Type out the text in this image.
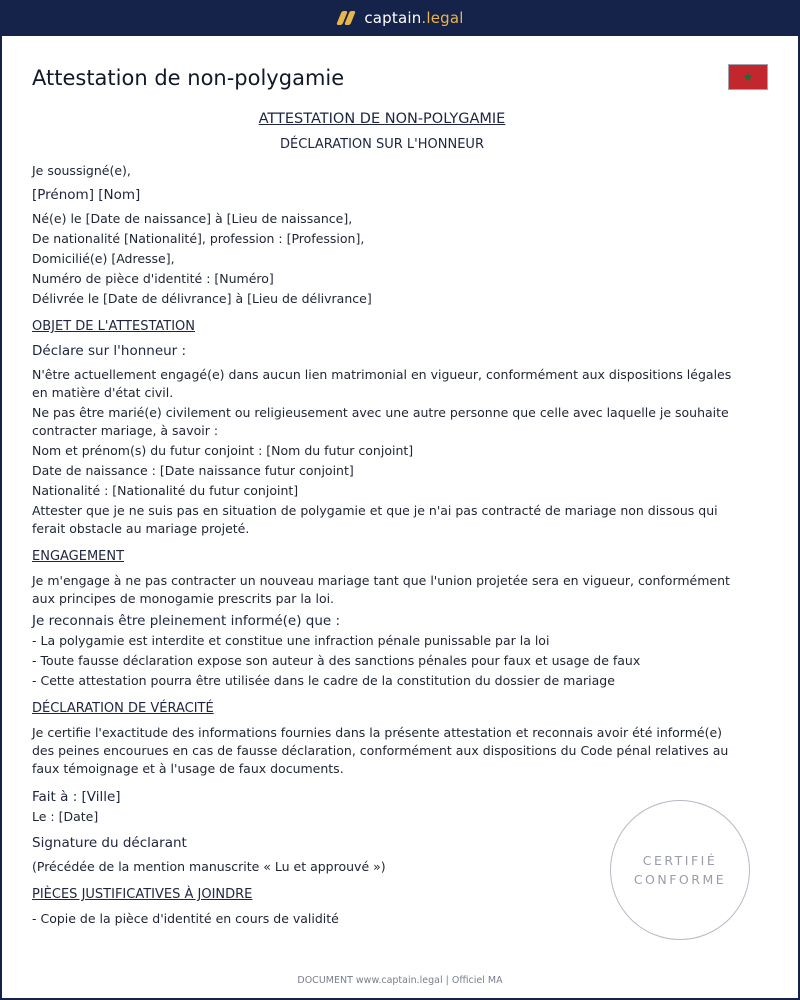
captain.legal
Attestation de non-polygamie	★
ATTESTATION DE NON-POLYGAMIE
DÉCLARATION SUR L'HONNEUR
Je soussigné(e),
[Prénom] [Nom]
Né(e) le [Date de naissance] à [Lieu de naissance],
De nationalité [Nationalité], profession : [Profession],
Domicilié(e) [Adresse],
Numéro de pièce d'identité : [Numéro]
Délivrée le [Date de délivrance] à [Lieu de délivrance]
OBJET DE L'ATTESTATION
Déclare sur l'honneur :
N'être actuellement engagé(e) dans aucun lien matrimonial en vigueur, conformément aux dispositions légales en matière d'état civil.
Ne pas être marié(e) civilement ou religieusement avec une autre personne que celle avec laquelle je souhaite contracter mariage, à savoir :
Nom et prénom(s) du futur conjoint : [Nom du futur conjoint]
Date de naissance : [Date naissance futur conjoint]
Nationalité : [Nationalité du futur conjoint]
Attester que je ne suis pas en situation de polygamie et que je n'ai pas contracté de mariage non dissous qui ferait obstacle au mariage projeté.
ENGAGEMENT
Je m'engage à ne pas contracter un nouveau mariage tant que l'union projetée sera en vigueur, conformément aux principes de monogamie prescrits par la loi.
Je reconnais être pleinement informé(e) que :
- La polygamie est interdite et constitue une infraction pénale punissable par la loi
- Toute fausse déclaration expose son auteur à des sanctions pénales pour faux et usage de faux
- Cette attestation pourra être utilisée dans le cadre de la constitution du dossier de mariage
DÉCLARATION DE VÉRACITÉ
Je certifie l'exactitude des informations fournies dans la présente attestation et reconnais avoir été informé(e) des peines encourues en cas de fausse déclaration, conformément aux dispositions du Code pénal relatives au faux témoignage et à l'usage de faux documents.
Fait à : [Ville]
Le : [Date]
Signature du déclarant
(Précédée de la mention manuscrite « Lu et approuvé »)
PIÈCES JUSTIFICATIVES À JOINDRE
- Copie de la pièce d'identité en cours de validité
CERTIFIÉ
CONFORME
DOCUMENT www.captain.legal | Officiel MA
